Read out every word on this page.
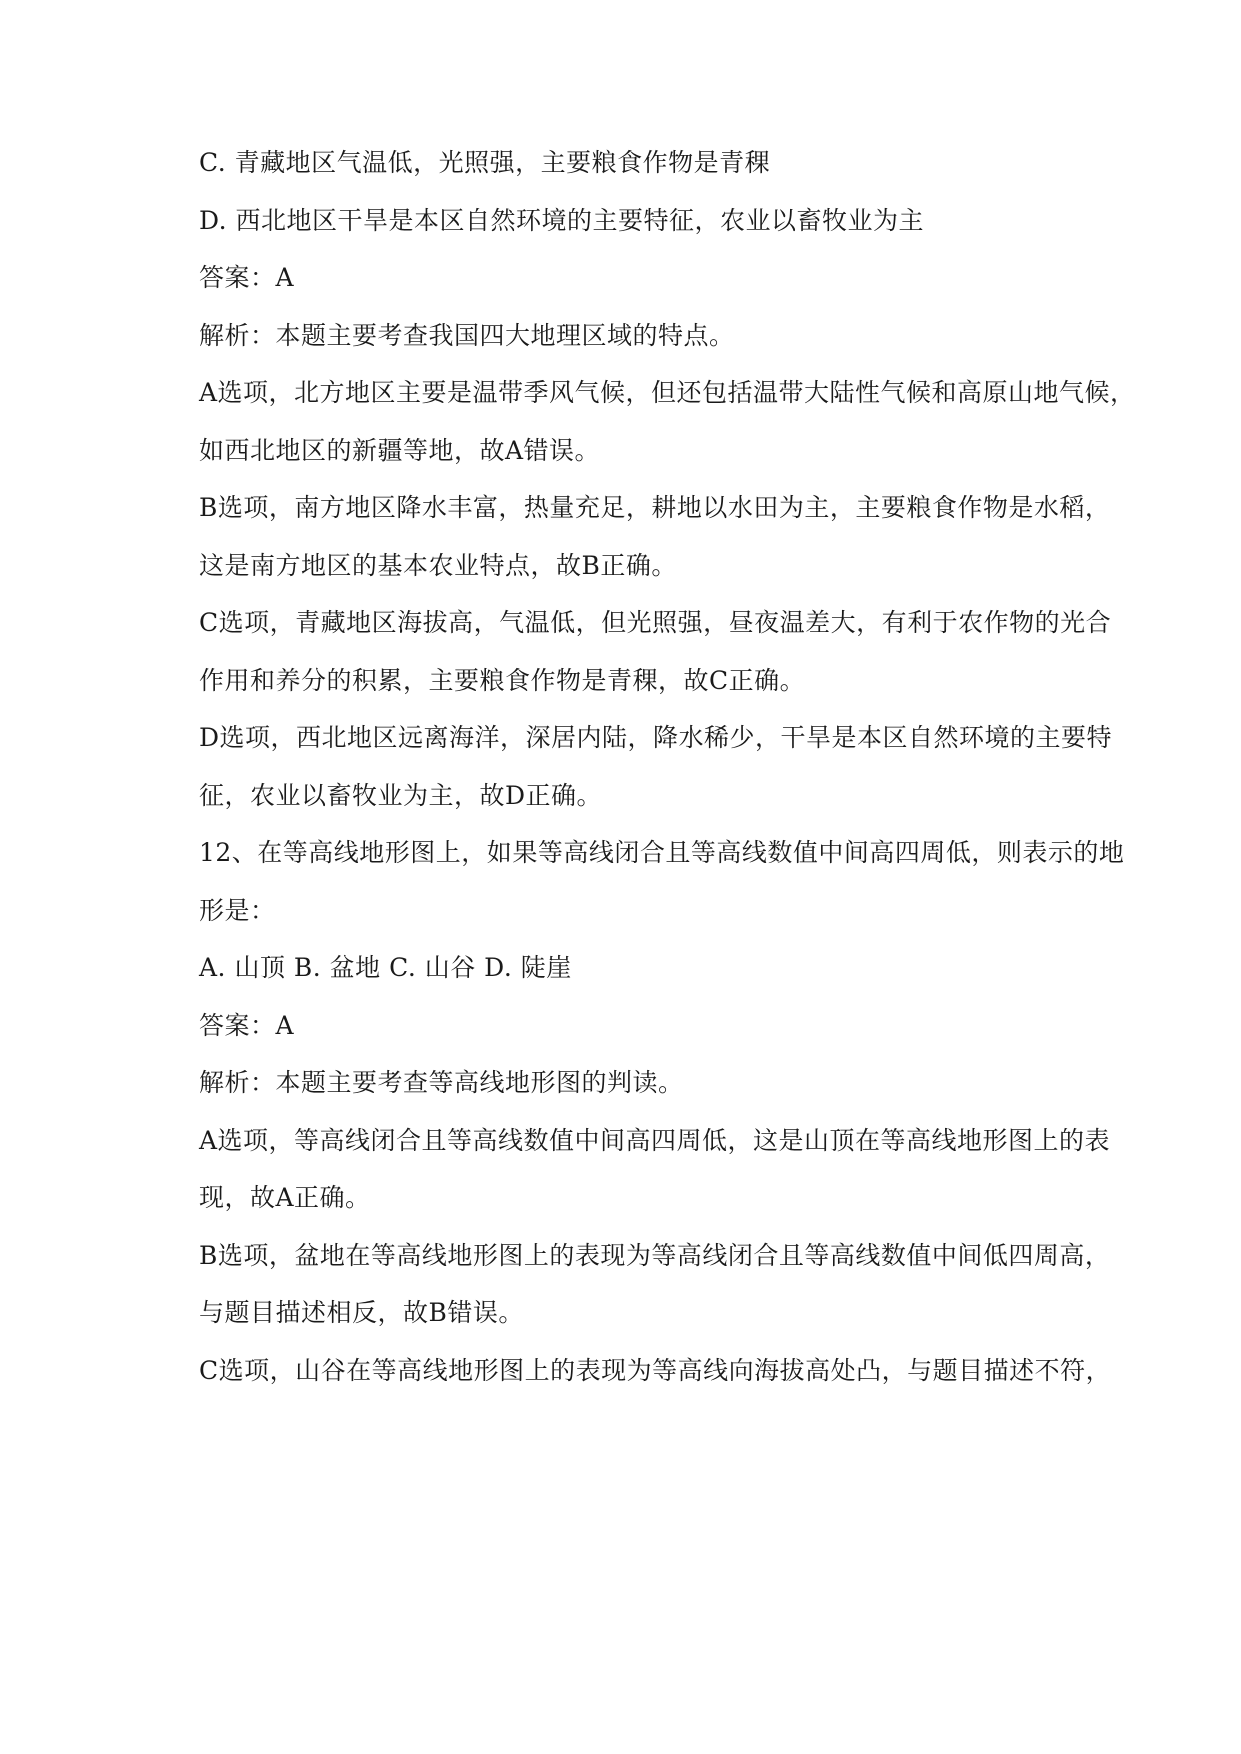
C. 青藏地区气温低，光照强，主要粮食作物是青稞
D. 西北地区干旱是本区自然环境的主要特征，农业以畜牧业为主
答案：A
解析：本题主要考查我国四大地理区域的特点。
A选项，北方地区主要是温带季风气候，但还包括温带大陆性气候和高原山地气候，
如西北地区的新疆等地，故A错误。
B选项，南方地区降水丰富，热量充足，耕地以水田为主，主要粮食作物是水稻，
这是南方地区的基本农业特点，故B正确。
C选项，青藏地区海拔高，气温低，但光照强，昼夜温差大，有利于农作物的光合
作用和养分的积累，主要粮食作物是青稞，故C正确。
D选项，西北地区远离海洋，深居内陆，降水稀少，干旱是本区自然环境的主要特
征，农业以畜牧业为主，故D正确。
12、在等高线地形图上，如果等高线闭合且等高线数值中间高四周低，则表示的地
形是：
A. 山顶 B. 盆地 C. 山谷 D. 陡崖
答案：A
解析：本题主要考查等高线地形图的判读。
A选项，等高线闭合且等高线数值中间高四周低，这是山顶在等高线地形图上的表
现，故A正确。
B选项，盆地在等高线地形图上的表现为等高线闭合且等高线数值中间低四周高，
与题目描述相反，故B错误。
C选项，山谷在等高线地形图上的表现为等高线向海拔高处凸，与题目描述不符，
